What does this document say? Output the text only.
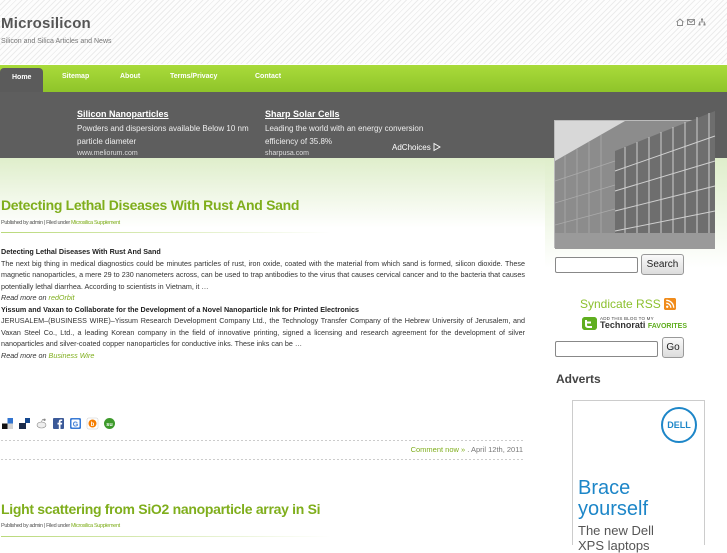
Microsilicon
Silicon and Silica Articles and News
Home	Sitemap	About	Terms/Privacy	Contact
Silicon Nanoparticles
Powders and dispersions available Below 10 nm particle diameter
www.meliorum.com
Sharp Solar Cells
Leading the world with an energy conversion efficiency of 35.8%
sharpusa.com
AdChoices
Detecting Lethal Diseases With Rust And Sand
Published by admin | Filed under Microsilica Supplement
Detecting Lethal Diseases With Rust And Sand
The next big thing in medical diagnostics could be minutes particles of rust, iron oxide, coated with the material from which sand is formed, silicon dioxide. These magnetic nanoparticles, a mere 29 to 230 nanometers across, can be used to trap antibodies to the virus that causes cervical cancer and to the bacteria that causes potentially lethal diarrhea. According to scientists in Vietnam, it …
Read more on redOrbit
Yissum and Vaxan to Collaborate for the Development of a Novel Nanoparticle Ink for Printed Electronics
JERUSALEM–(BUSINESS WIRE)–Yissum Research Development Company Ltd., the Technology Transfer Company of the Hebrew University of Jerusalem, and Vaxan Steel Co., Ltd., a leading Korean company in the field of innovative printing, signed a licensing and research agreement for the development of silver nanoparticles and silver-coated copper nanoparticles for conductive inks. These inks can be …
Read more on Business Wire
G b su
Comment now » . April 12th, 2011
Light scattering from SiO2 nanoparticle array in Si
Published by admin | Filed under Microsilica Supplement
Search
Syndicate RSS
ADD THIS BLOG TO MY
Technorati FAVORITES
Go
Adverts
DELL
Brace
yourself
The new Dell
XPS laptops
